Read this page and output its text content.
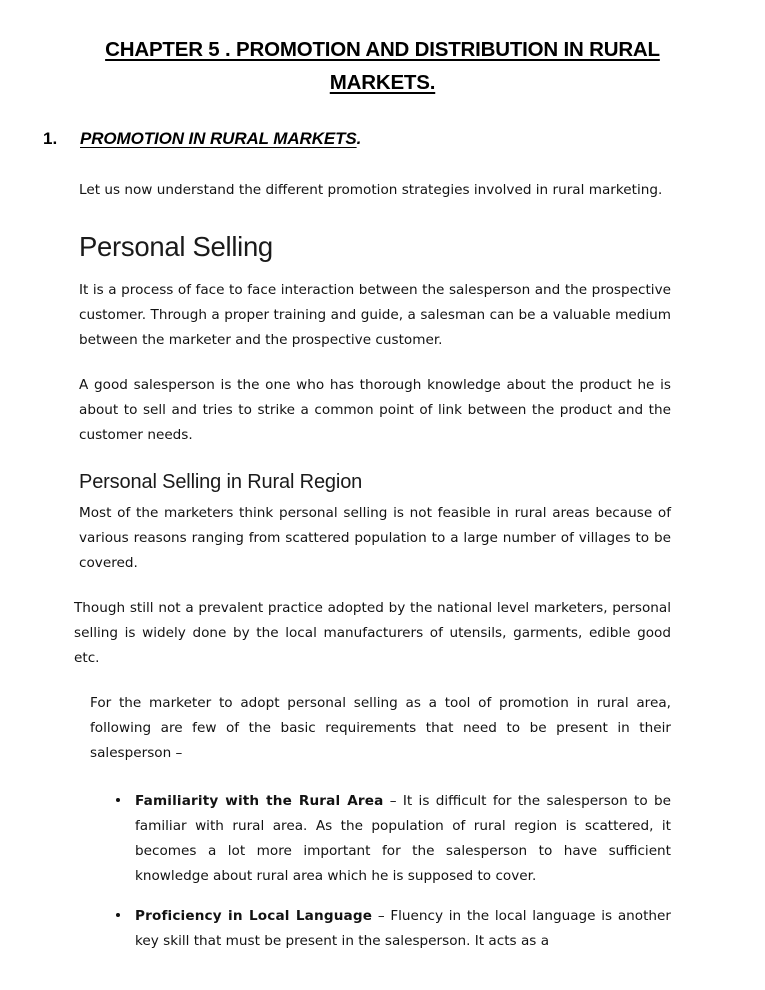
CHAPTER 5 . PROMOTION AND DISTRIBUTION IN RURAL
MARKETS.
1.	PROMOTION IN RURAL MARKETS.

Let us now understand the different promotion strategies involved in rural marketing.

Personal Selling

It is a process of face to face interaction between the salesperson and the prospective customer. Through a proper training and guide, a salesman can be a valuable medium between the marketer and the prospective customer.

A good salesperson is the one who has thorough knowledge about the product he is about to sell and tries to strike a common point of link between the product and the customer needs.

Personal Selling in Rural Region

Most of the marketers think personal selling is not feasible in rural areas because of various reasons ranging from scattered population to a large number of villages to be covered.

Though still not a prevalent practice adopted by the national level marketers, personal selling is widely done by the local manufacturers of utensils, garments, edible good etc.

For the marketer to adopt personal selling as a tool of promotion in rural area, following are few of the basic requirements that need to be present in their salesperson –

Familiarity with the Rural Area – It is difficult for the salesperson to be familiar with rural area. As the population of rural region is scattered, it becomes a lot more important for the salesperson to have sufficient knowledge about rural area which he is supposed to cover.
Proficiency in Local Language – Fluency in the local language is another key skill that must be present in the salesperson. It acts as a
